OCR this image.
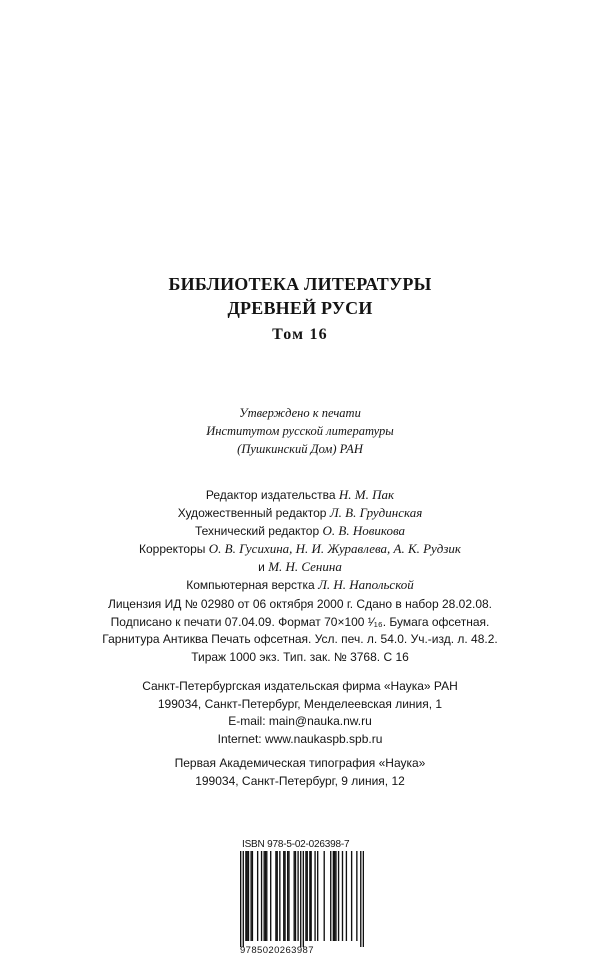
БИБЛИОТЕКА ЛИТЕРАТУРЫ
ДРЕВНЕЙ РУСИ
Том 16
Утверждено к печати
Институтом русской литературы
(Пушкинский Дом) РАН
Редактор издательства Н. М. Пак
Художественный редактор Л. В. Грудинская
Технический редактор О. В. Новикова
Корректоры О. В. Гусихина, Н. И. Журавлева, А. К. Рудзик
и М. Н. Сенина
Компьютерная верстка Л. Н. Напольской
Лицензия ИД № 02980 от 06 октября 2000 г. Сдано в набор 28.02.08.
Подписано к печати 07.04.09. Формат 70×100 ¹⁄₁₆. Бумага офсетная.
Гарнитура Антиква Печать офсетная. Усл. печ. л. 54.0. Уч.-изд. л. 48.2.
Тираж 1000 экз. Тип. зак. № 3768. С 16
Санкт-Петербургская издательская фирма «Наука» РАН
199034, Санкт-Петербург, Менделеевская линия, 1
E-mail: main@nauka.nw.ru
Internet: www.naukaspb.spb.ru
Первая Академическая типография «Наука»
199034, Санкт-Петербург, 9 линия, 12
ISBN 978-5-02-026398-7
9785020263987
